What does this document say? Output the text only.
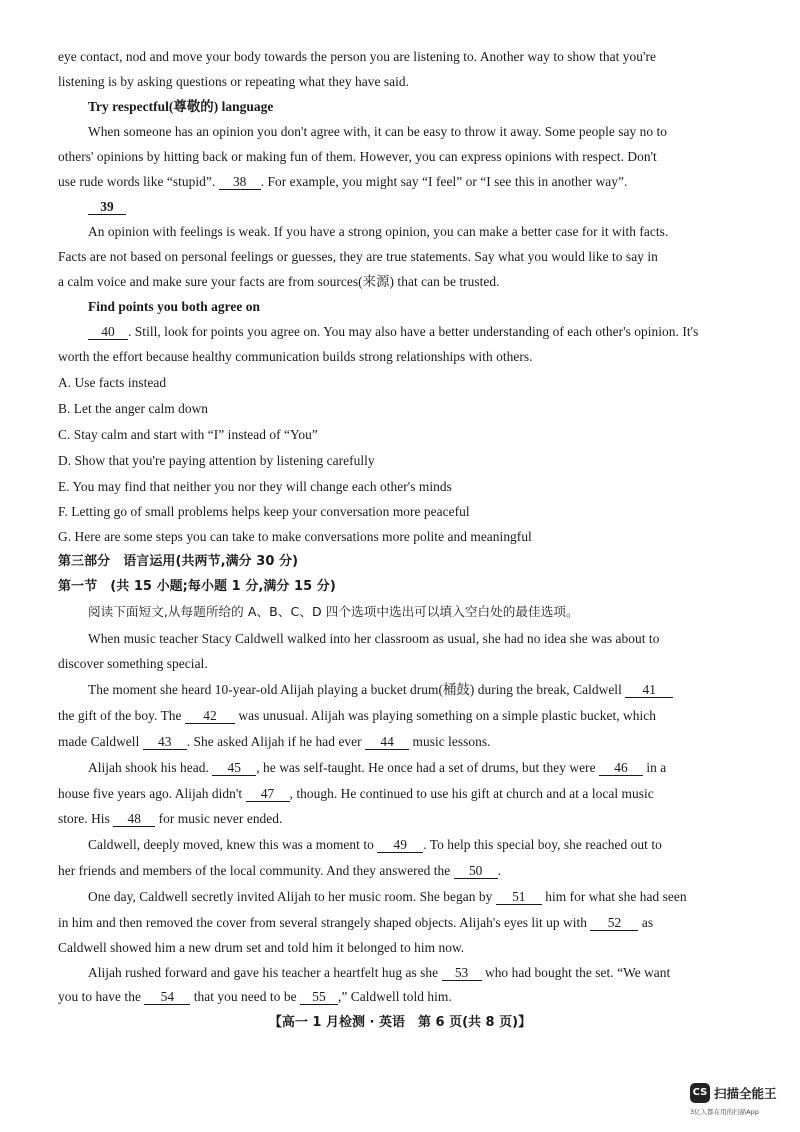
eye contact, nod and move your body towards the person you are listening to. Another way to show that you're
listening is by asking questions or repeating what they have said.
Try respectful(尊敬的) language
When someone has an opinion you don't agree with, it can be easy to throw it away. Some people say no to
others' opinions by hitting back or making fun of them. However, you can express opinions with respect. Don't
use rude words like “stupid”. 38 . For example, you might say “I feel” or “I see this in another way”.
39
An opinion with feelings is weak. If you have a strong opinion, you can make a better case for it with facts.
Facts are not based on personal feelings or guesses, they are true statements. Say what you would like to say in
a calm voice and make sure your facts are from sources(来源) that can be trusted.
Find points you both agree on
40 . Still, look for points you agree on. You may also have a better understanding of each other's opinion. It's
worth the effort because healthy communication builds strong relationships with others.
A. Use facts instead
B. Let the anger calm down
C. Stay calm and start with “I” instead of “You”
D. Show that you're paying attention by listening carefully
E. You may find that neither you nor they will change each other's minds
F. Letting go of small problems helps keep your conversation more peaceful
G. Here are some steps you can take to make conversations more polite and meaningful
第三部分　语言运用(共两节,满分 30 分)
第一节　(共 15 小题;每小题 1 分,满分 15 分)
阅读下面短文,从每题所给的 A、B、C、D 四个选项中选出可以填入空白处的最佳选项。
When music teacher Stacy Caldwell walked into her classroom as usual, she had no idea she was about to
discover something special.
The moment she heard 10-year-old Alijah playing a bucket drum(桶鼓) during the break, Caldwell 41
the gift of the boy. The 42 was unusual. Alijah was playing something on a simple plastic bucket, which
made Caldwell 43 . She asked Alijah if he had ever 44 music lessons.
Alijah shook his head. 45 , he was self-taught. He once had a set of drums, but they were 46 in a
house five years ago. Alijah didn't 47 , though. He continued to use his gift at church and at a local music
store. His 48 for music never ended.
Caldwell, deeply moved, knew this was a moment to 49 . To help this special boy, she reached out to
her friends and members of the local community. And they answered the 50 .
One day, Caldwell secretly invited Alijah to her music room. She began by 51 him for what she had seen
in him and then removed the cover from several strangely shaped objects. Alijah's eyes lit up with 52 as
Caldwell showed him a new drum set and told him it belonged to him now.
Alijah rushed forward and gave his teacher a heartfelt hug as she 53 who had bought the set. “We want
you to have the 54 that you need to be 55 ,” Caldwell told him.
【高一 1 月检测 · 英语　第 6 页(共 8 页)】
CS 扫描全能王
3亿人都在用的扫描App
